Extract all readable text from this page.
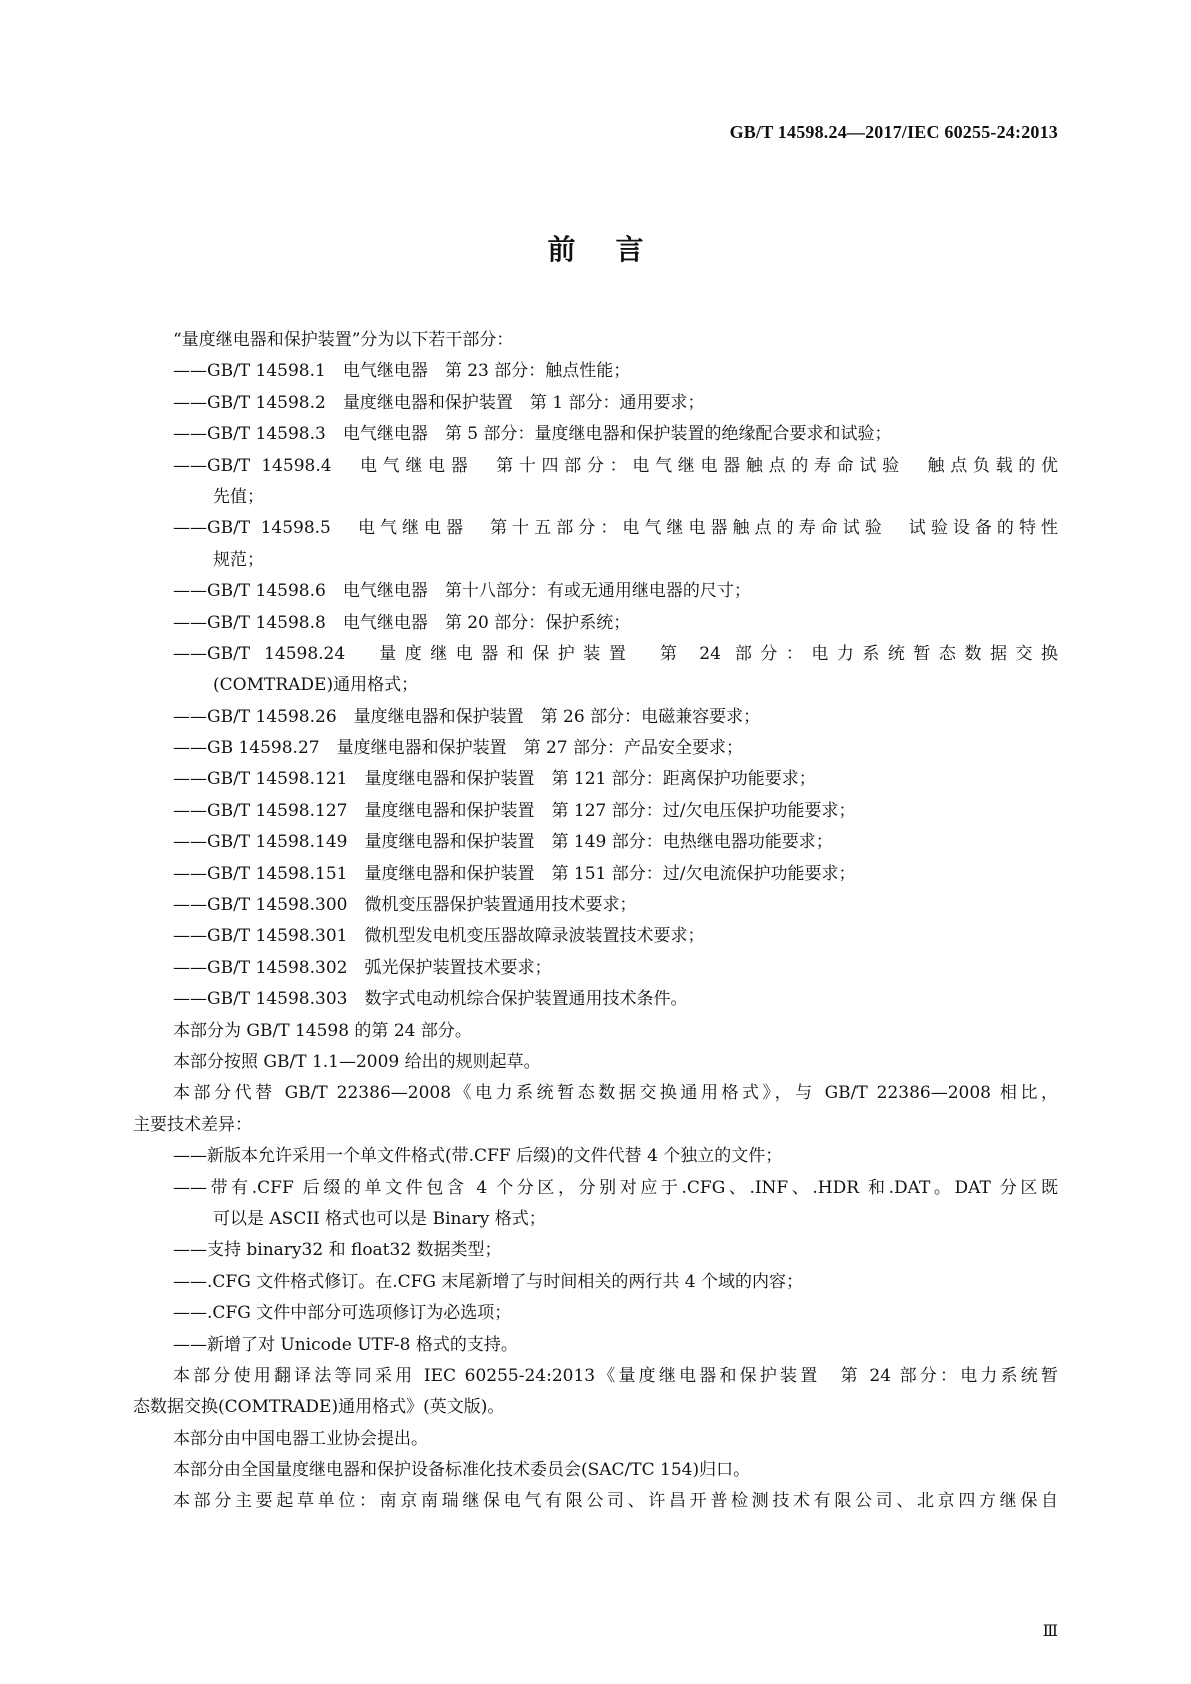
GB/T 14598.24—2017/IEC 60255-24:2013
前言
“量度继电器和保护装置”分为以下若干部分：
——GB/T 14598.1　电气继电器　第 23 部分：触点性能；
——GB/T 14598.2　量度继电器和保护装置　第 1 部分：通用要求；
——GB/T 14598.3　电气继电器　第 5 部分：量度继电器和保护装置的绝缘配合要求和试验；
——GB/T 14598.4　电气继电器　第十四部分：电气继电器触点的寿命试验　触点负载的优
先值；
——GB/T 14598.5　电气继电器　第十五部分：电气继电器触点的寿命试验　试验设备的特性
规范；
——GB/T 14598.6　电气继电器　第十八部分：有或无通用继电器的尺寸；
——GB/T 14598.8　电气继电器　第 20 部分：保护系统；
——GB/T 14598.24　量度继电器和保护装置　第 24 部分：电力系统暂态数据交换
(COMTRADE)通用格式；
——GB/T 14598.26　量度继电器和保护装置　第 26 部分：电磁兼容要求；
——GB 14598.27　量度继电器和保护装置　第 27 部分：产品安全要求；
——GB/T 14598.121　量度继电器和保护装置　第 121 部分：距离保护功能要求；
——GB/T 14598.127　量度继电器和保护装置　第 127 部分：过/欠电压保护功能要求；
——GB/T 14598.149　量度继电器和保护装置　第 149 部分：电热继电器功能要求；
——GB/T 14598.151　量度继电器和保护装置　第 151 部分：过/欠电流保护功能要求；
——GB/T 14598.300　微机变压器保护装置通用技术要求；
——GB/T 14598.301　微机型发电机变压器故障录波装置技术要求；
——GB/T 14598.302　弧光保护装置技术要求；
——GB/T 14598.303　数字式电动机综合保护装置通用技术条件。
本部分为 GB/T 14598 的第 24 部分。
本部分按照 GB/T 1.1—2009 给出的规则起草。
本部分代替 GB/T 22386—2008《电力系统暂态数据交换通用格式》，与 GB/T 22386—2008 相比，
主要技术差异：
——新版本允许采用一个单文件格式(带.CFF 后缀)的文件代替 4 个独立的文件；
——带有.CFF 后缀的单文件包含 4 个分区，分别对应于.CFG、.INF、.HDR 和.DAT。DAT 分区既
可以是 ASCII 格式也可以是 Binary 格式；
——支持 binary32 和 float32 数据类型；
——.CFG 文件格式修订。在.CFG 末尾新增了与时间相关的两行共 4 个域的内容；
——.CFG 文件中部分可选项修订为必选项；
——新增了对 Unicode UTF-8 格式的支持。
本部分使用翻译法等同采用 IEC 60255-24:2013《量度继电器和保护装置　第 24 部分：电力系统暂
态数据交换(COMTRADE)通用格式》(英文版)。
本部分由中国电器工业协会提出。
本部分由全国量度继电器和保护设备标准化技术委员会(SAC/TC 154)归口。
本部分主要起草单位：南京南瑞继保电气有限公司、许昌开普检测技术有限公司、北京四方继保自
Ⅲ
